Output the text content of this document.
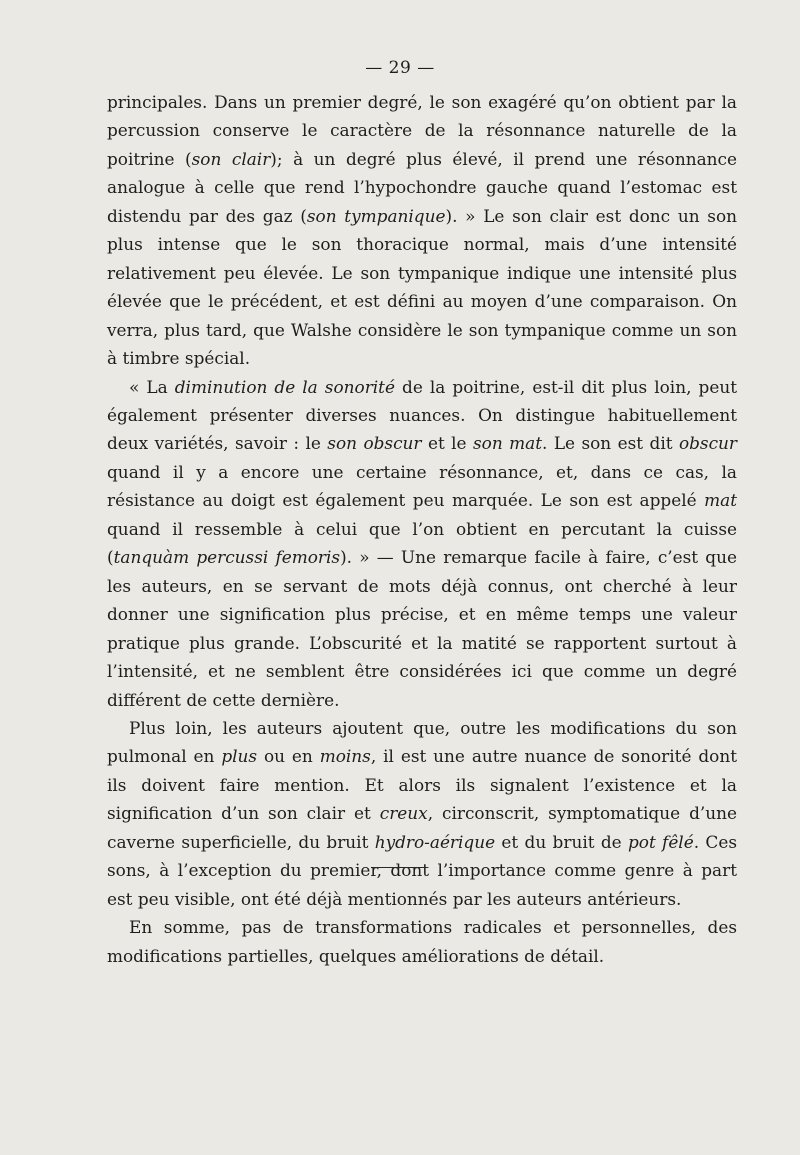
— 29 —

principales. Dans un premier degré, le son exagéré qu’on obtient par la percussion conserve le caractère de la résonnance naturelle de la poitrine (son clair); à un degré plus élevé, il prend une résonnance analogue à celle que rend l’hypochondre gauche quand l’estomac est distendu par des gaz (son tympanique). » Le son clair est donc un son plus intense que le son thoracique normal, mais d’une intensité relativement peu élevée. Le son tympanique indique une intensité plus élevée que le précédent, et est défini au moyen d’une comparaison. On verra, plus tard, que Walshe considère le son tympanique comme un son à timbre spécial.

« La diminution de la sonorité de la poitrine, est-il dit plus loin, peut également présenter diverses nuances. On distingue habituellement deux variétés, savoir : le son obscur et le son mat. Le son est dit obscur quand il y a encore une certaine résonnance, et, dans ce cas, la résistance au doigt est également peu marquée. Le son est appelé mat quand il ressemble à celui que l’on obtient en percutant la cuisse (tanquàm percussi femoris). » — Une remarque facile à faire, c’est que les auteurs, en se servant de mots déjà connus, ont cherché à leur donner une signification plus précise, et en même temps une valeur pratique plus grande. L’obscurité et la matité se rapportent surtout à l’intensité, et ne semblent être considérées ici que comme un degré différent de cette dernière.

Plus loin, les auteurs ajoutent que, outre les modifications du son pulmonal en plus ou en moins, il est une autre nuance de sonorité dont ils doivent faire mention. Et alors ils signalent l’existence et la signification d’un son clair et creux, circonscrit, symptomatique d’une caverne superficielle, du bruit hydro-aérique et du bruit de pot fêlé. Ces sons, à l’exception du premier, dont l’importance comme genre à part est peu visible, ont été déjà mentionnés par les auteurs antérieurs.

En somme, pas de transformations radicales et personnelles, des modifications partielles, quelques améliorations de détail.
